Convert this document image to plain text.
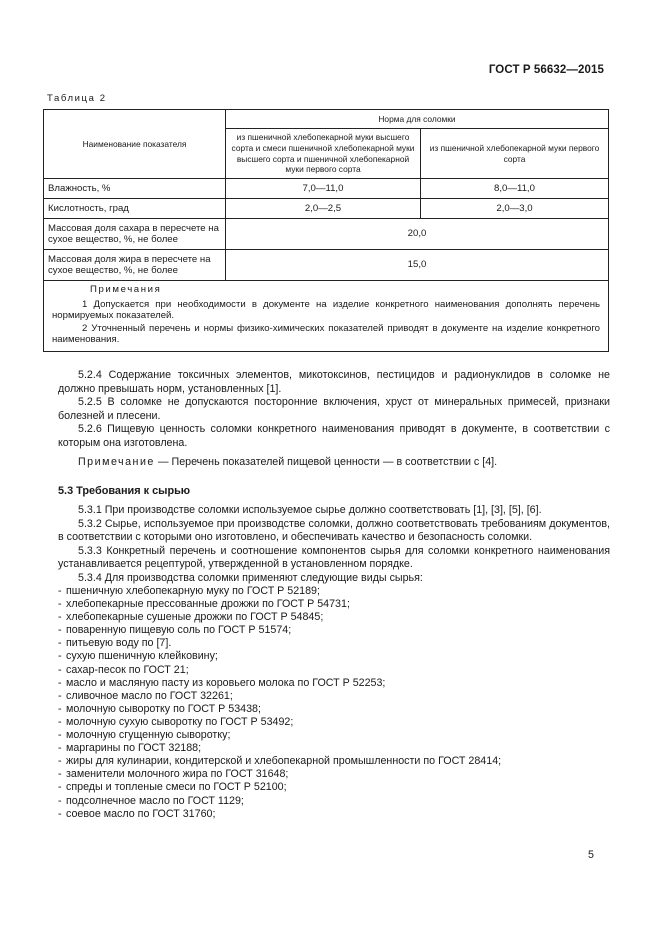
ГОСТ Р 56632—2015
Таблица 2
Наименование показателя	Норма для соломки	
	из пшеничной хлебопекарной муки высшего сорта и смеси пшеничной хлебопекарной муки высшего сорта и пшеничной хлебопекарной муки первого сорта	из пшеничной хлебопекарной муки первого сорта
Влажность, %	7,0—11,0	8,0—11,0
Кислотность, град	2,0—2,5	2,0—3,0
Массовая доля сахара в пересчете на сухое вещество, %, не более	20,0	
Массовая доля жира в пересчете на сухое вещество, %, не более	15,0	

Примечания
1 Допускается при необходимости в документе на изделие конкретного наименования дополнять перечень нормируемых показателей.
2 Уточненный перечень и нормы физико-химических показателей приводят в документе на изделие конкретного наименования.		

5.2.4 Содержание токсичных элементов, микотоксинов, пестицидов и радионуклидов в соломке не должно превышать норм, установленных [1].

5.2.5 В соломке не допускаются посторонние включения, хруст от минеральных примесей, признаки болезней и плесени.

5.2.6 Пищевую ценность соломки конкретного наименования приводят в документе, в соответствии с которым она изготовлена.

Примечание — Перечень показателей пищевой ценности — в соответствии с [4].

5.3 Требования к сырью

5.3.1 При производстве соломки используемое сырье должно соответствовать [1], [3], [5], [6].

5.3.2 Сырье, используемое при производстве соломки, должно соответствовать требованиям документов, в соответствии с которыми оно изготовлено, и обеспечивать качество и безопасность соломки.

5.3.3 Конкретный перечень и соотношение компонентов сырья для соломки конкретного наименования устанавливается рецептурой, утвержденной в установленном порядке.

5.3.4 Для производства соломки применяют следующие виды сырья:

- пшеничную хлебопекарную муку по ГОСТ Р 52189;
- хлебопекарные прессованные дрожжи по ГОСТ Р 54731;
- хлебопекарные сушеные дрожжи по ГОСТ Р 54845;
- поваренную пищевую соль по ГОСТ Р 51574;
- питьевую воду по [7].
- сухую пшеничную клейковину;
- сахар-песок по ГОСТ 21;
- масло и масляную пасту из коровьего молока по ГОСТ Р 52253;
- сливочное масло по ГОСТ 32261;
- молочную сыворотку по ГОСТ Р 53438;
- молочную сухую сыворотку по ГОСТ Р 53492;
- молочную сгущенную сыворотку;
- маргарины по ГОСТ 32188;
- жиры для кулинарии, кондитерской и хлебопекарной промышленности по ГОСТ 28414;
- заменители молочного жира по ГОСТ 31648;
- спреды и топленые смеси по ГОСТ Р 52100;
- подсолнечное масло по ГОСТ 1129;
- соевое масло по ГОСТ 31760;
5
